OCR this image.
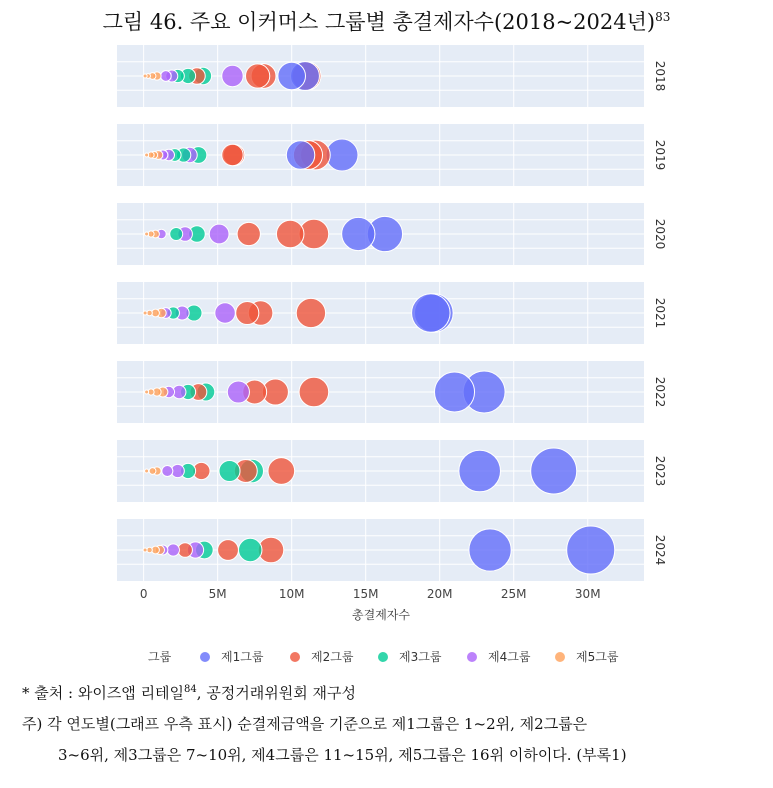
그림 46. 주요 이커머스 그룹별 총결제자수(2018~2024년)$^{83}$
2018
2019
2020
2021
2022
2023
2024
0	5M	10M	15M	20M	25M	30M
총결제자수
그룹	제1그룹	제2그룹	제3그룹	제4그룹	제5그룹
* 출처 : 와이즈앱 리테일$^{84}$, 공정거래위원회 재구성
주) 각 연도별(그래프 우측 표시) 순결제금액을 기준으로 제1그룹은 1~2위, 제2그룹은
3~6위, 제3그룹은 7~10위, 제4그룹은 11~15위, 제5그룹은 16위 이하이다. (부록1)
